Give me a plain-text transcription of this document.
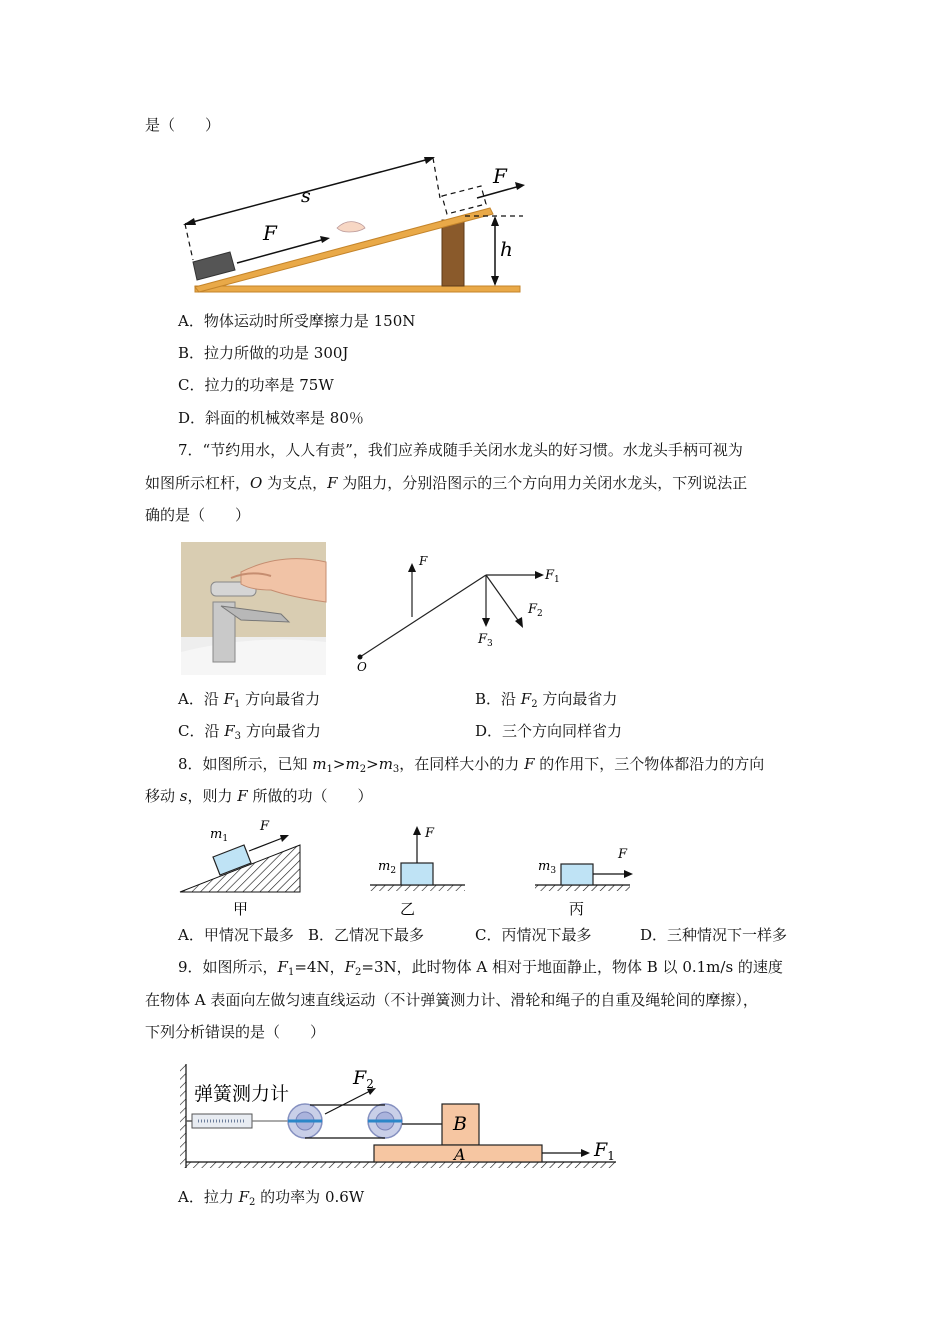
是（　　）
F
s
F
h
A．物体运动时所受摩擦力是 150N
B．拉力所做的功是 300J
C．拉力的功率是 75W
D．斜面的机械效率是 80％
7．“节约用水，人人有责”，我们应养成随手关闭水龙头的好习惯。水龙头手柄可视为
如图所示杠杆，O 为支点，F 为阻力，分别沿图示的三个方向用力关闭水龙头，下列说法正
确的是（　　）
O
F
$F_1$
$F_2$
$F_3$
A．沿 $F_1$ 方向最省力	B．沿 $F_2$ 方向最省力
C．沿 $F_3$ 方向最省力	D．三个方向同样省力
8．如图所示，已知 $m_1>m_2>m_3$，在同样大小的力 F 的作用下，三个物体都沿力的方向
移动 s，则力 F 所做的功（　　）
F
$m_1$
甲
F
$m_2$
乙
F
$m_3$
丙
A．甲情况下最多 B．乙情况下最多	C．丙情况下最多	D．三种情况下一样多
9．如图所示，$F_1=4N$，$F_2=3N$，此时物体 A 相对于地面静止，物体 B 以 0.1m/s 的速度
在物体 A 表面向左做匀速直线运动（不计弹簧测力计、滑轮和绳子的自重及绳轮间的摩擦），
下列分析错误的是（　　）
弹簧测力计
$F_2$
B
A	$F_1$
A．拉力 $F_2$ 的功率为 0.6W
